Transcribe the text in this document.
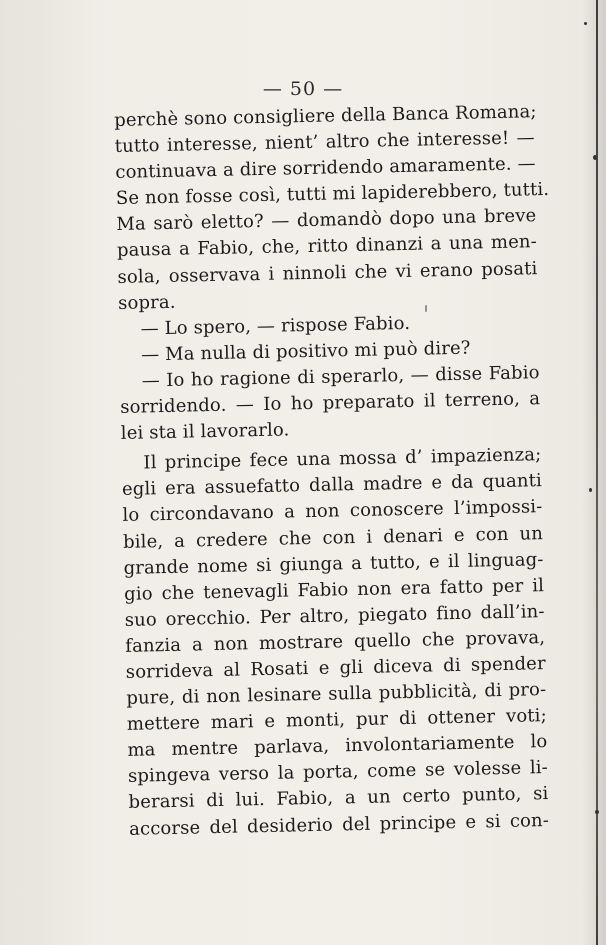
— 50 —
perchè sono consigliere della Banca Romana;
tutto interesse, nient’ altro che interesse! —
continuava a dire sorridendo amaramente. —
Se non fosse così, tutti mi lapiderebbero, tutti.
Ma sarò eletto? — domandò dopo una breve
pausa a Fabio, che, ritto dinanzi a una men-
sola, osservava i ninnoli che vi erano posati
sopra.
— Lo spero, — rispose Fabio.
— Ma nulla di positivo mi può dire?
— Io ho ragione di sperarlo, — disse Fabio
sorridendo. — Io ho preparato il terreno, a
lei sta il lavorarlo.
Il principe fece una mossa d’ impazienza;
egli era assuefatto dalla madre e da quanti
lo circondavano a non conoscere l’impossi-
bile, a credere che con i denari e con un
grande nome si giunga a tutto, e il linguag-
gio che tenevagli Fabio non era fatto per il
suo orecchio. Per altro, piegato fino dall’in-
fanzia a non mostrare quello che provava,
sorrideva al Rosati e gli diceva di spender
pure, di non lesinare sulla pubblicità, di pro-
mettere mari e monti, pur di ottener voti;
ma mentre parlava, involontariamente lo
spingeva verso la porta, come se volesse li-
berarsi di lui. Fabio, a un certo punto, si
accorse del desiderio del principe e si con-
